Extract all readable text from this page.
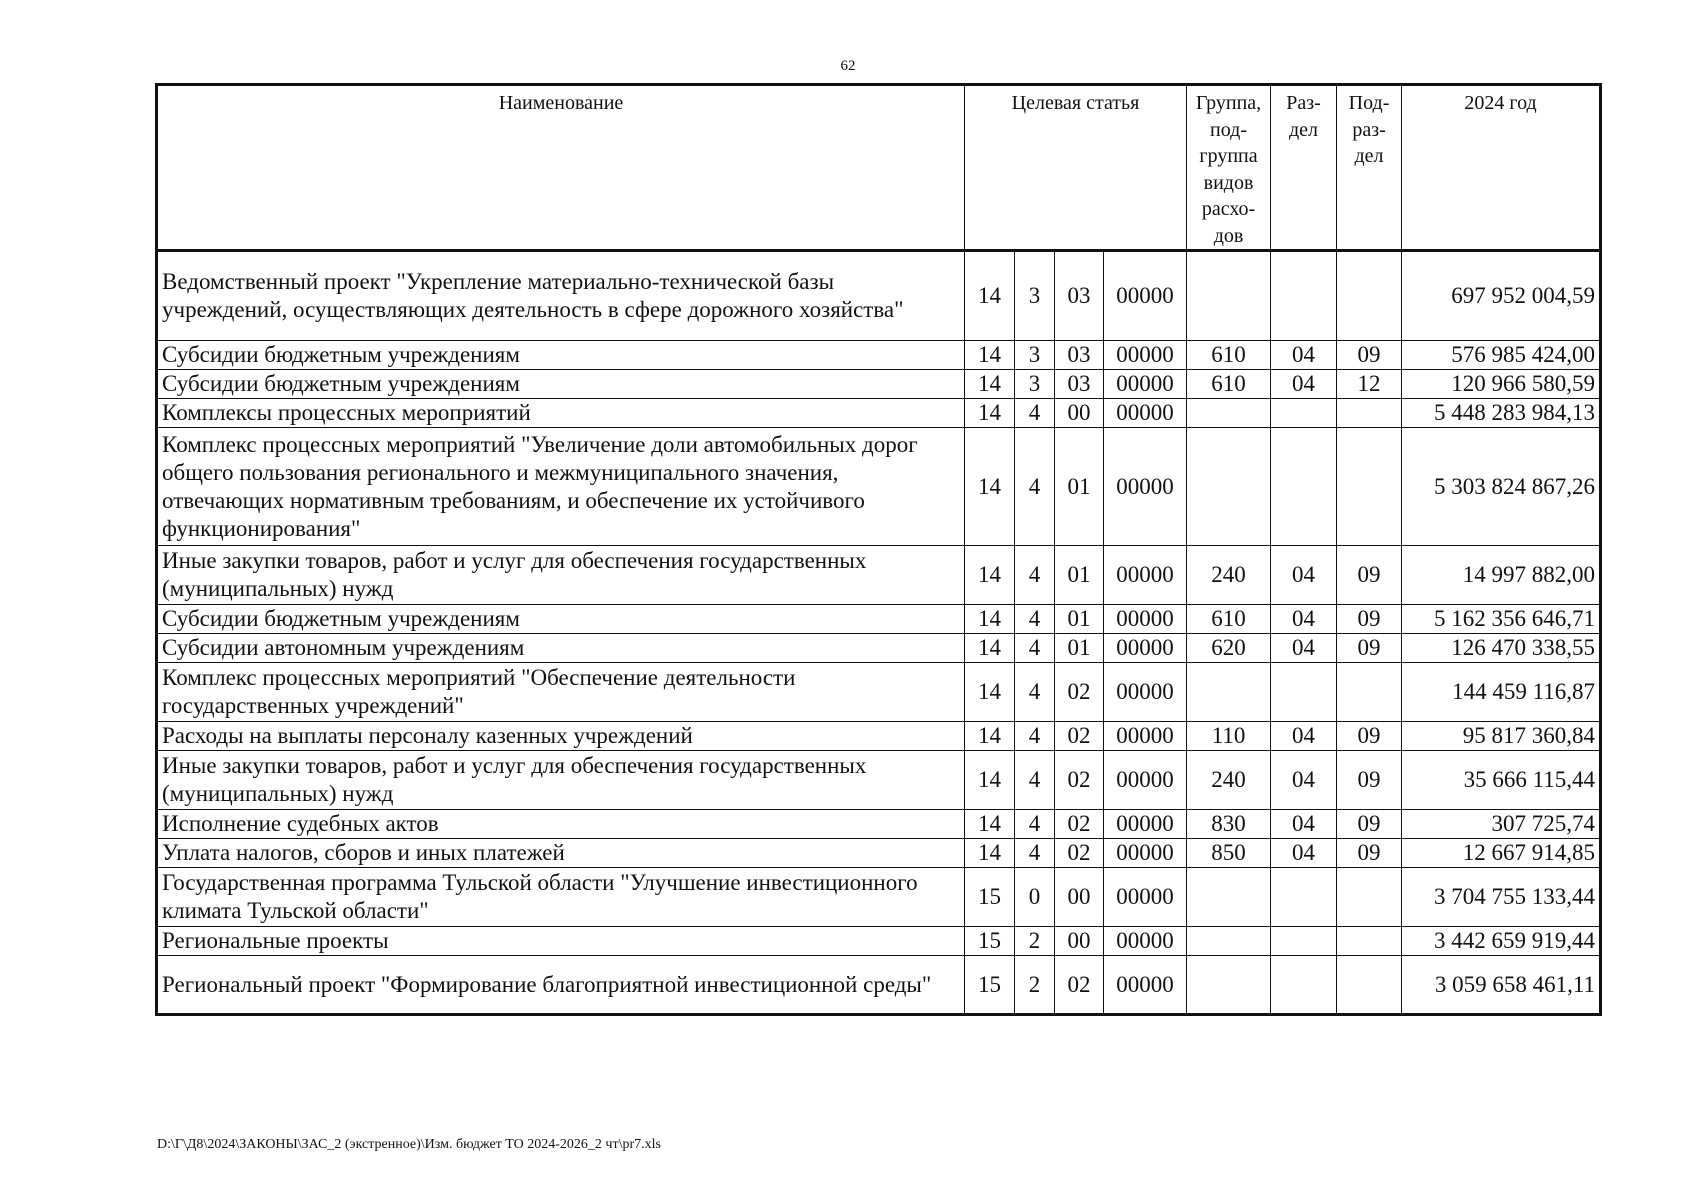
62
Наименование	Целевая статья				Группа, под-группа видов расхо-дов	Раз-дел	Под-раз-дел	2024 год
Ведомственный проект "Укрепление материально-технической базы учреждений, осуществляющих деятельность в сфере дорожного хозяйства"	14	3	03	00000				697 952 004,59
Субсидии бюджетным учреждениям	14	3	03	00000	610	04	09	576 985 424,00
Субсидии бюджетным учреждениям	14	3	03	00000	610	04	12	120 966 580,59
Комплексы процессных мероприятий	14	4	00	00000				5 448 283 984,13
Комплекс процессных мероприятий "Увеличение доли автомобильных дорог общего пользования регионального и межмуниципального значения, отвечающих нормативным требованиям, и обеспечение их устойчивого функционирования"	14	4	01	00000				5 303 824 867,26
Иные закупки товаров, работ и услуг для обеспечения государственных (муниципальных) нужд	14	4	01	00000	240	04	09	14 997 882,00
Субсидии бюджетным учреждениям	14	4	01	00000	610	04	09	5 162 356 646,71
Субсидии автономным учреждениям	14	4	01	00000	620	04	09	126 470 338,55
Комплекс процессных мероприятий "Обеспечение деятельности государственных учреждений"	14	4	02	00000				144 459 116,87
Расходы на выплаты персоналу казенных учреждений	14	4	02	00000	110	04	09	95 817 360,84
Иные закупки товаров, работ и услуг для обеспечения государственных (муниципальных) нужд	14	4	02	00000	240	04	09	35 666 115,44
Исполнение судебных актов	14	4	02	00000	830	04	09	307 725,74
Уплата налогов, сборов и иных платежей	14	4	02	00000	850	04	09	12 667 914,85
Государственная программа Тульской области "Улучшение инвестиционного климата Тульской области"	15	0	00	00000				3 704 755 133,44
Региональные проекты	15	2	00	00000				3 442 659 919,44
Региональный проект "Формирование благоприятной инвестиционной среды"	15	2	02	00000				3 059 658 461,11
D:\Г\Д8\2024\ЗАКОНЫ\ЗАС_2 (экстренное)\Изм. бюджет ТО 2024-2026_2 чт\pr7.xls
